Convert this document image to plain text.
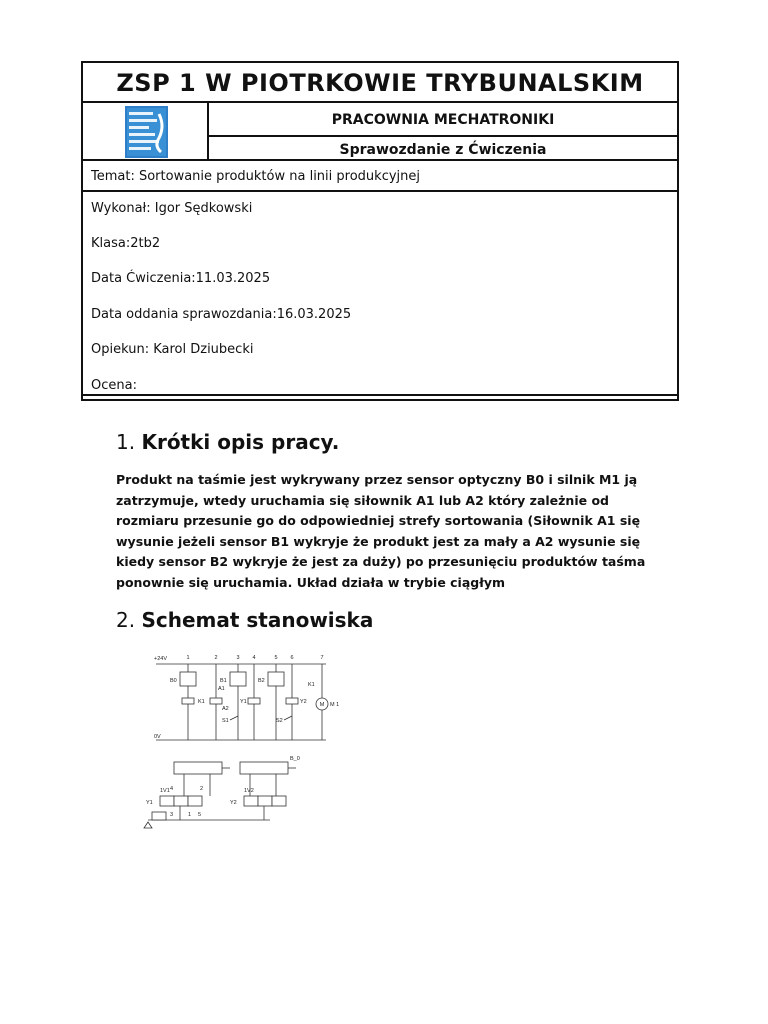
ZSP 1 W PIOTRKOWIE TRYBUNALSKIM
PRACOWNIA MECHATRONIKI
Sprawozdanie z Ćwiczenia
Temat: Sortowanie produktów na linii produkcyjnej
Wykonał: Igor Sędkowski
Klasa:2tb2
Data Ćwiczenia:11.03.2025
Data oddania sprawozdania:16.03.2025
Opiekun: Karol Dziubecki
Ocena:
1. Krótki opis pracy.

Produkt na taśmie jest wykrywany przez sensor optyczny B0 i silnik M1 ją zatrzymuje, wtedy uruchamia się siłownik A1 lub A2 który zależnie od rozmiaru przesunie go do odpowiedniej strefy sortowania (Siłownik A1 się wysunie jeżeli sensor B1 wykryje że produkt jest za mały a A2 wysunie się kiedy sensor B2 wykryje że jest za duży) po przesunięciu produktów taśma ponownie się uruchamia. Układ działa w trybie ciągłym

2. Schemat stanowiska
+24V
0V
1	2	3 4	5 6	7
B0	B1	B2
K1
A1
A2
Y1	Y2
K1
S1	S2
M M 1
B_0
1V1	1V2
Y1	Y2
2
4
1
3	5
